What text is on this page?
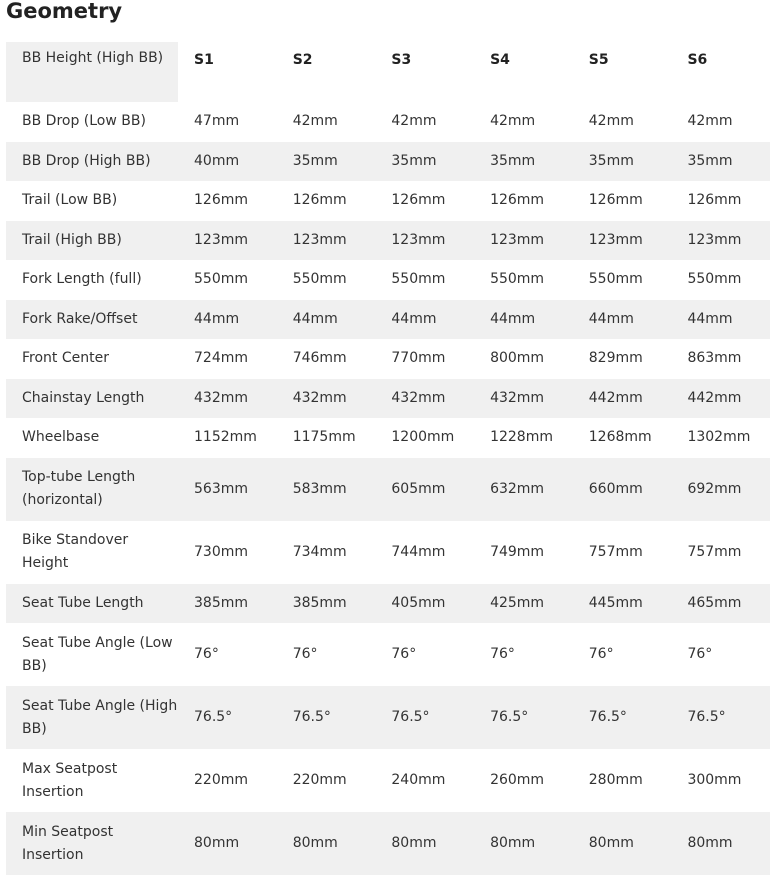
Geometry
BB Height (High BB)	S1	S2	S3	S4	S5	S6
BB Drop (Low BB)	47mm	42mm	42mm	42mm	42mm	42mm
BB Drop (High BB)	40mm	35mm	35mm	35mm	35mm	35mm
Trail (Low BB)	126mm	126mm	126mm	126mm	126mm	126mm
Trail (High BB)	123mm	123mm	123mm	123mm	123mm	123mm
Fork Length (full)	550mm	550mm	550mm	550mm	550mm	550mm
Fork Rake/Offset	44mm	44mm	44mm	44mm	44mm	44mm
Front Center	724mm	746mm	770mm	800mm	829mm	863mm
Chainstay Length	432mm	432mm	432mm	432mm	442mm	442mm
Wheelbase	1152mm	1175mm	1200mm	1228mm	1268mm	1302mm
Top-tube Length (horizontal)	563mm	583mm	605mm	632mm	660mm	692mm
Bike Standover Height	730mm	734mm	744mm	749mm	757mm	757mm
Seat Tube Length	385mm	385mm	405mm	425mm	445mm	465mm
Seat Tube Angle (Low BB)	76°	76°	76°	76°	76°	76°
Seat Tube Angle (High BB)	76.5°	76.5°	76.5°	76.5°	76.5°	76.5°
Max Seatpost Insertion	220mm	220mm	240mm	260mm	280mm	300mm
Min Seatpost Insertion	80mm	80mm	80mm	80mm	80mm	80mm
